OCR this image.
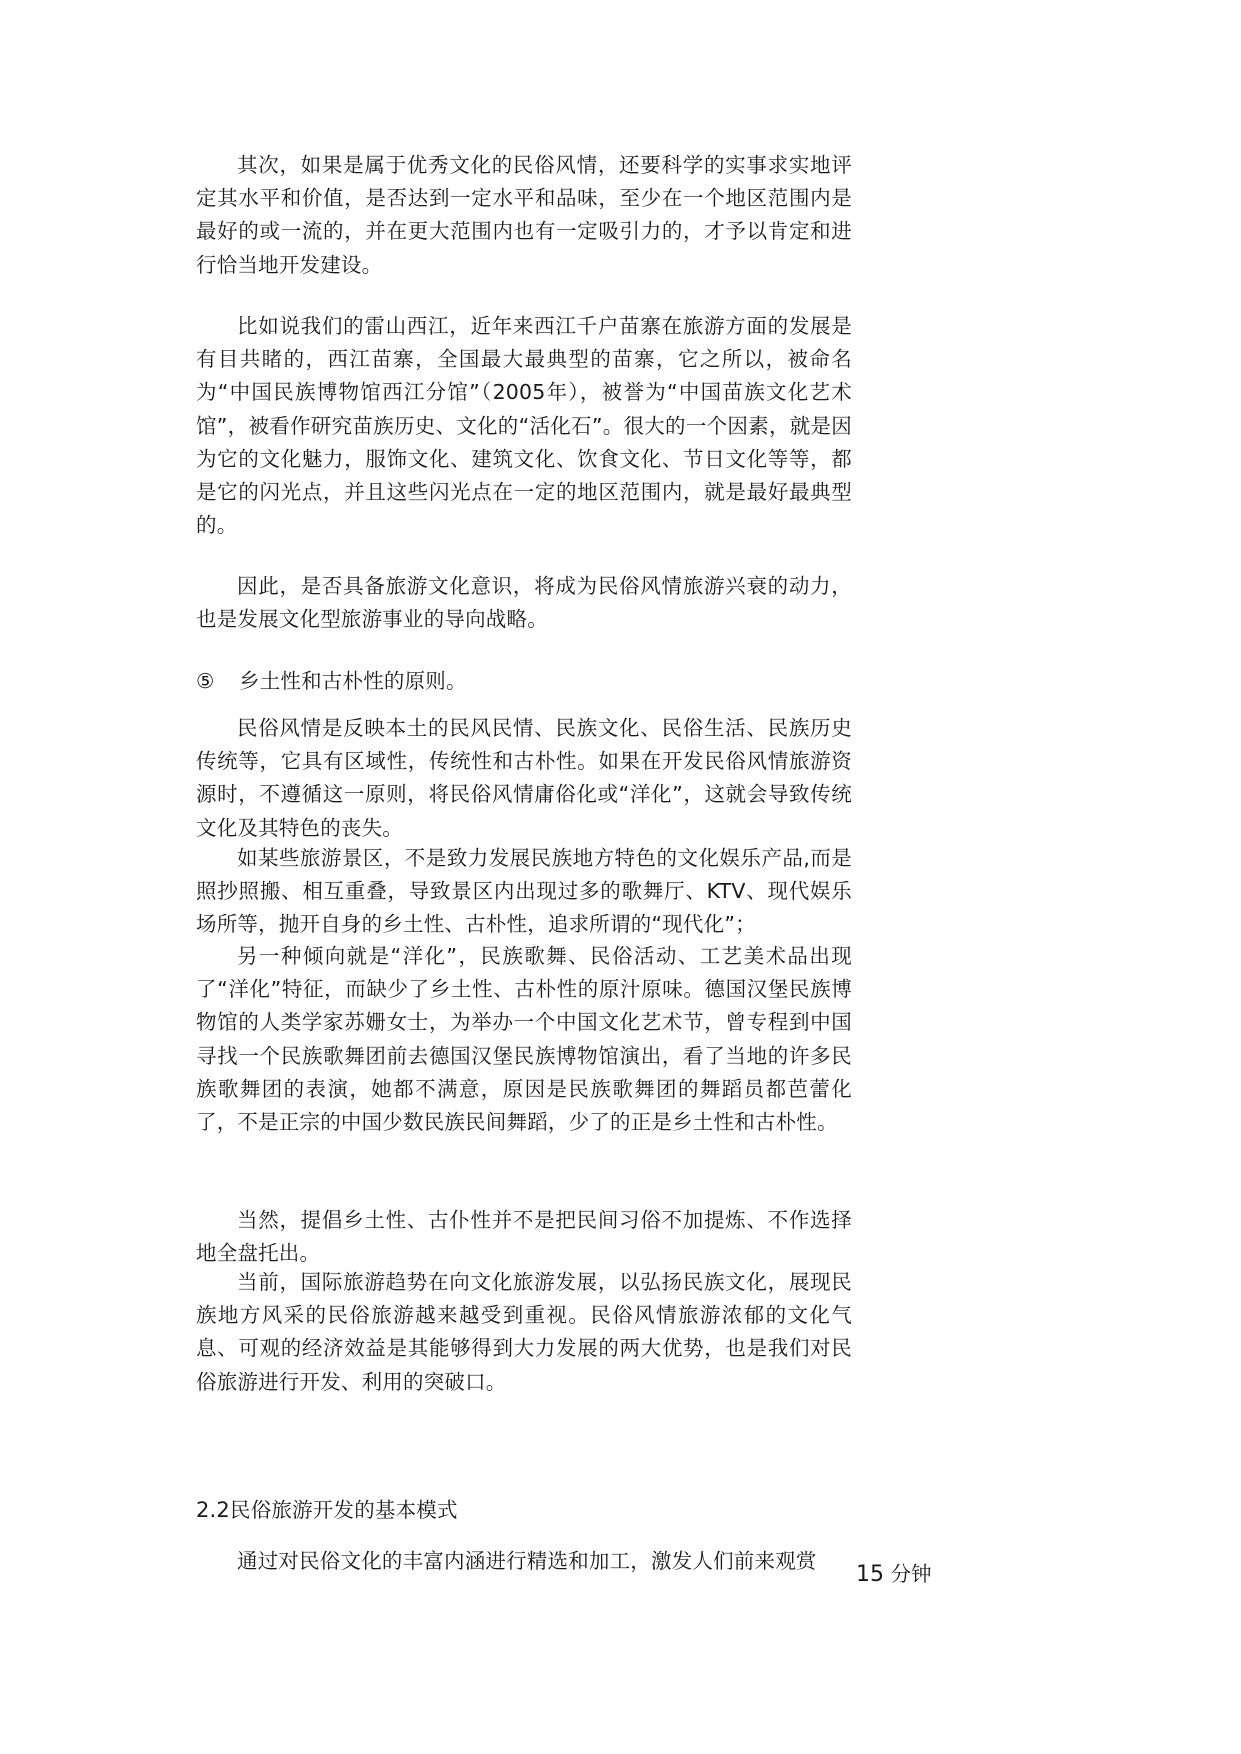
其次，如果是属于优秀文化的民俗风情，还要科学的实事求实地评定其水平和价值，是否达到一定水平和品味，至少在一个地区范围内是最好的或一流的，并在更大范围内也有一定吸引力的，才予以肯定和进行恰当地开发建设。

比如说我们的雷山西江，近年来西江千户苗寨在旅游方面的发展是有目共睹的，西江苗寨，全国最大最典型的苗寨，它之所以，被命名为“中国民族博物馆西江分馆”（2005年），被誉为“中国苗族文化艺术馆”，被看作研究苗族历史、文化的“活化石”。很大的一个因素，就是因为它的文化魅力，服饰文化、建筑文化、饮食文化、节日文化等等，都是它的闪光点，并且这些闪光点在一定的地区范围内，就是最好最典型的。

因此，是否具备旅游文化意识，将成为民俗风情旅游兴衰的动力，也是发展文化型旅游事业的导向战略。

⑤	乡土性和古朴性的原则。

民俗风情是反映本土的民风民情、民族文化、民俗生活、民族历史传统等，它具有区域性，传统性和古朴性。如果在开发民俗风情旅游资源时，不遵循这一原则，将民俗风情庸俗化或“洋化”，这就会导致传统文化及其特色的丧失。

如某些旅游景区，不是致力发展民族地方特色的文化娱乐产品,而是照抄照搬、相互重叠，导致景区内出现过多的歌舞厅、KTV、现代娱乐场所等，抛开自身的乡土性、古朴性，追求所谓的“现代化”；

另一种倾向就是“洋化”，民族歌舞、民俗活动、工艺美术品出现了“洋化”特征，而缺少了乡土性、古朴性的原汁原味。德国汉堡民族博物馆的人类学家苏姗女士，为举办一个中国文化艺术节，曾专程到中国寻找一个民族歌舞团前去德国汉堡民族博物馆演出，看了当地的许多民族歌舞团的表演，她都不满意，原因是民族歌舞团的舞蹈员都芭蕾化了，不是正宗的中国少数民族民间舞蹈，少了的正是乡土性和古朴性。

当然，提倡乡土性、古仆性并不是把民间习俗不加提炼、不作选择地全盘托出。

当前，国际旅游趋势在向文化旅游发展，以弘扬民族文化，展现民族地方风采的民俗旅游越来越受到重视。民俗风情旅游浓郁的文化气息、可观的经济效益是其能够得到大力发展的两大优势，也是我们对民俗旅游进行开发、利用的突破口。

2.2民俗旅游开发的基本模式

通过对民俗文化的丰富内涵进行精选和加工，激发人们前来观赏

15 分钟
